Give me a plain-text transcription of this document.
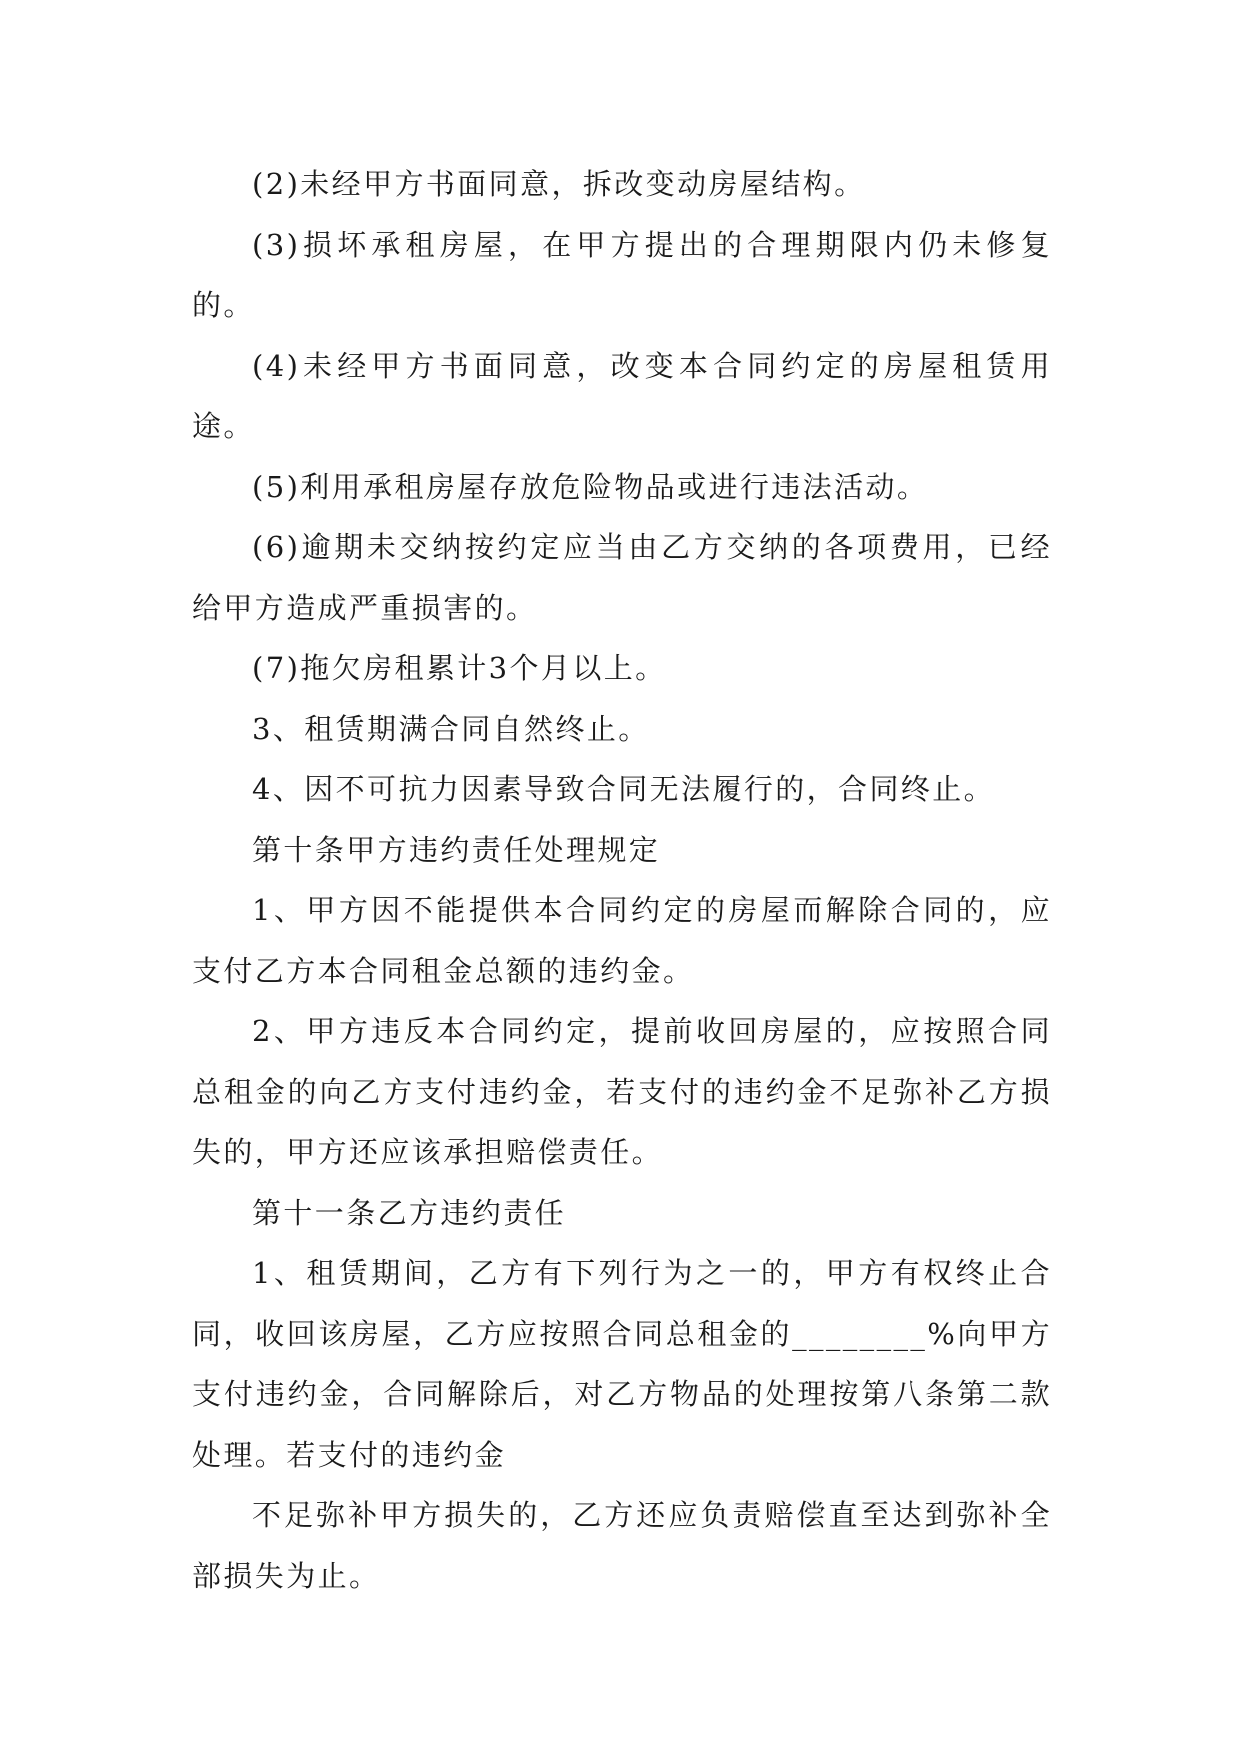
(2)未经甲方书面同意，拆改变动房屋结构。

(3)损坏承租房屋，在甲方提出的合理期限内仍未修复的。

(4)未经甲方书面同意，改变本合同约定的房屋租赁用途。

(5)利用承租房屋存放危险物品或进行违法活动。

(6)逾期未交纳按约定应当由乙方交纳的各项费用，已经给甲方造成严重损害的。

(7)拖欠房租累计3个月以上。

3、租赁期满合同自然终止。

4、因不可抗力因素导致合同无法履行的，合同终止。

第十条甲方违约责任处理规定

1、甲方因不能提供本合同约定的房屋而解除合同的，应支付乙方本合同租金总额的违约金。

2、甲方违反本合同约定，提前收回房屋的，应按照合同总租金的向乙方支付违约金，若支付的违约金不足弥补乙方损失的，甲方还应该承担赔偿责任。

第十一条乙方违约责任

1、租赁期间，乙方有下列行为之一的，甲方有权终止合同，收回该房屋，乙方应按照合同总租金的________%向甲方支付违约金，合同解除后，对乙方物品的处理按第八条第二款处理。若支付的违约金

不足弥补甲方损失的，乙方还应负责赔偿直至达到弥补全部损失为止。
